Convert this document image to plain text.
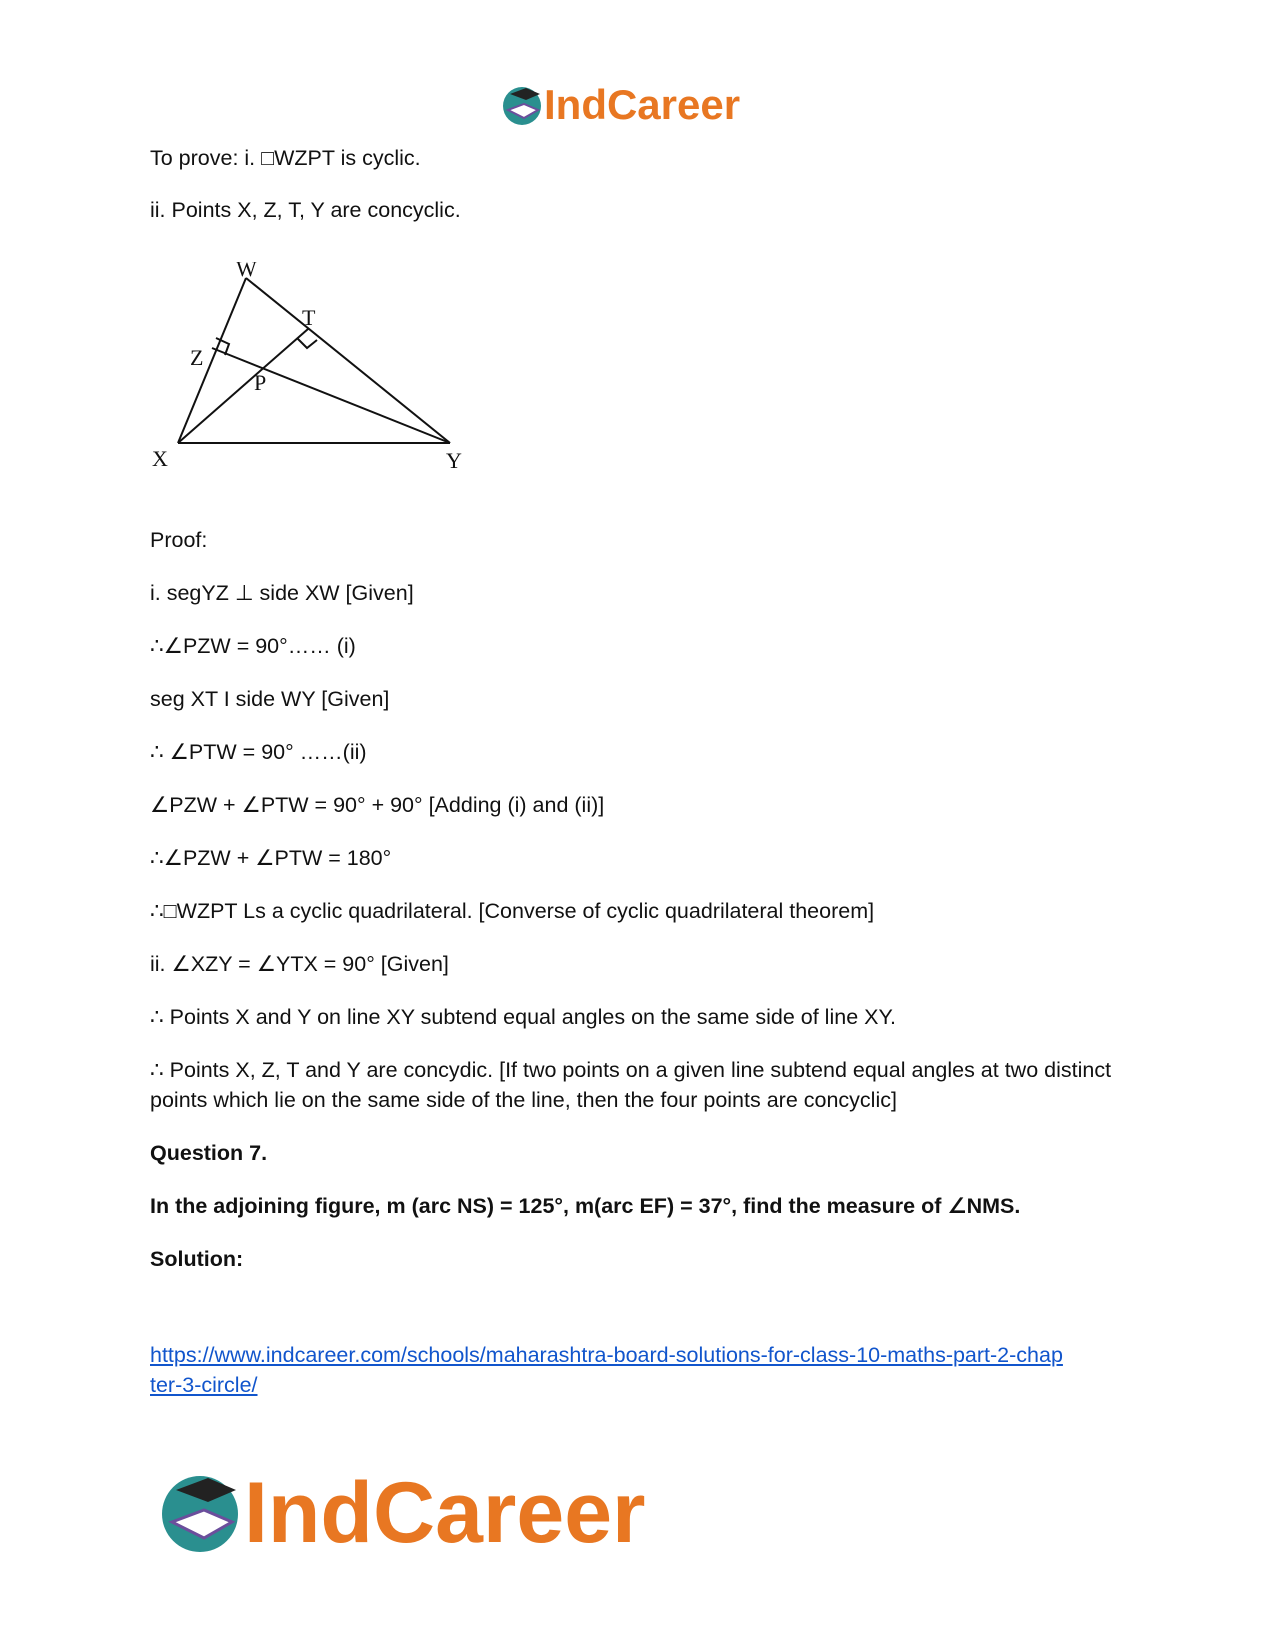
IndCareer

To prove: i. □WZPT is cyclic.

ii. Points X, Z, T, Y are concyclic.

W
T
Z
P
X	Y

Proof:

i. segYZ ⊥ side XW [Given]

∴∠PZW = 90°…… (i)

seg XT I side WY [Given]

∴ ∠PTW = 90° ……(ii)

∠PZW + ∠PTW = 90° + 90° [Adding (i) and (ii)]

∴∠PZW + ∠PTW = 180°

∴□WZPT Ls a cyclic quadrilateral. [Converse of cyclic quadrilateral theorem]

ii. ∠XZY = ∠YTX = 90° [Given]

∴ Points X and Y on line XY subtend equal angles on the same side of line XY.

∴ Points X, Z, T and Y are concydic. [If two points on a given line subtend equal angles at two distinct points which lie on the same side of the line, then the four points are concyclic]

Question 7.

In the adjoining figure, m (arc NS) = 125°, m(arc EF) = 37°, find the measure of ∠NMS.

Solution:

https://www.indcareer.com/schools/maharashtra-board-solutions-for-class-10-maths-part-2-chap
ter-3-circle/
IndCareer
